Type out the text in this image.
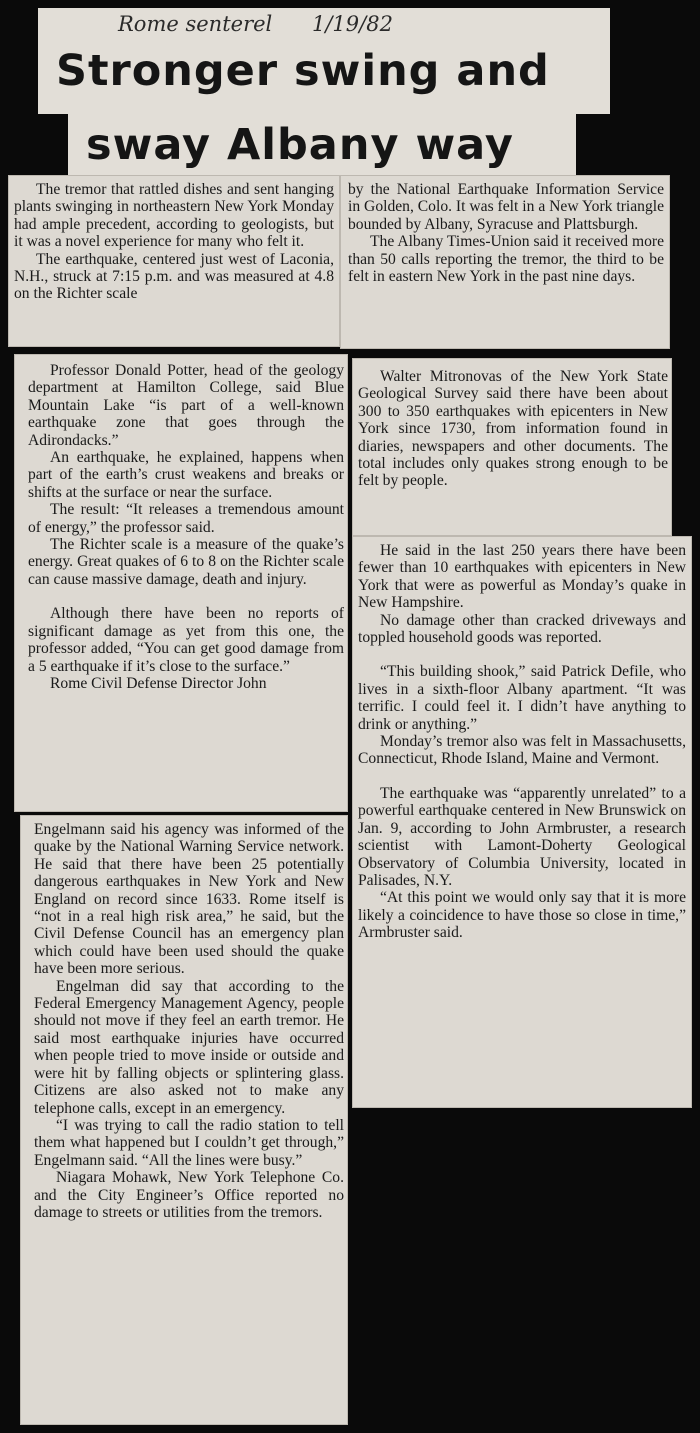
Rome senterel 1/19/82
Stronger swing and
sway Albany way

The tremor that rattled dishes and sent hanging plants swinging in northeastern New York Monday had ample precedent, according to geologists, but it was a novel experience for many who felt it.

The earthquake, centered just west of Laconia, N.H., struck at 7:15 p.m. and was measured at 4.8 on the Richter scale

by the National Earthquake Information Service in Golden, Colo. It was felt in a New York triangle bounded by Albany, Syracuse and Plattsburgh.

The Albany Times-Union said it received more than 50 calls reporting the tremor, the third to be felt in eastern New York in the past nine days.

Professor Donald Potter, head of the geology department at Hamilton College, said Blue Mountain Lake “is part of a well-known earthquake zone that goes through the Adirondacks.”

An earthquake, he explained, happens when part of the earth’s crust weakens and breaks or shifts at the surface or near the surface.

The result: “It releases a tremendous amount of energy,” the professor said.

The Richter scale is a measure of the quake’s energy. Great quakes of 6 to 8 on the Richter scale can cause massive damage, death and injury.

Although there have been no reports of significant damage as yet from this one, the professor added, “You can get good damage from a 5 earthquake if it’s close to the surface.”

Rome Civil Defense Director John

Engelmann said his agency was informed of the quake by the National Warning Service network. He said that there have been 25 potentially dangerous earthquakes in New York and New England on record since 1633. Rome itself is “not in a real high risk area,” he said, but the Civil Defense Council has an emergency plan which could have been used should the quake have been more serious.

Engelman did say that according to the Federal Emergency Management Agency, people should not move if they feel an earth tremor. He said most earthquake injuries have occurred when people tried to move inside or outside and were hit by falling objects or splintering glass. Citizens are also asked not to make any telephone calls, except in an emergency.

“I was trying to call the radio station to tell them what happened but I couldn’t get through,” Engelmann said. “All the lines were busy.”

Niagara Mohawk, New York Telephone Co. and the City Engineer’s Office reported no damage to streets or utilities from the tremors.

Walter Mitronovas of the New York State Geological Survey said there have been about 300 to 350 earthquakes with epicenters in New York since 1730, from information found in diaries, newspapers and other documents. The total includes only quakes strong enough to be felt by people.

He said in the last 250 years there have been fewer than 10 earthquakes with epicenters in New York that were as powerful as Monday’s quake in New Hampshire.

No damage other than cracked driveways and toppled household goods was reported.

“This building shook,” said Patrick Defile, who lives in a sixth-floor Albany apartment. “It was terrific. I could feel it. I didn’t have anything to drink or anything.”

Monday’s tremor also was felt in Massachusetts, Connecticut, Rhode Island, Maine and Vermont.

The earthquake was “apparently unrelated” to a powerful earthquake centered in New Brunswick on Jan. 9, according to John Armbruster, a research scientist with Lamont-Doherty Geological Observatory of Columbia University, located in Palisades, N.Y.

“At this point we would only say that it is more likely a coincidence to have those so close in time,” Armbruster said.
